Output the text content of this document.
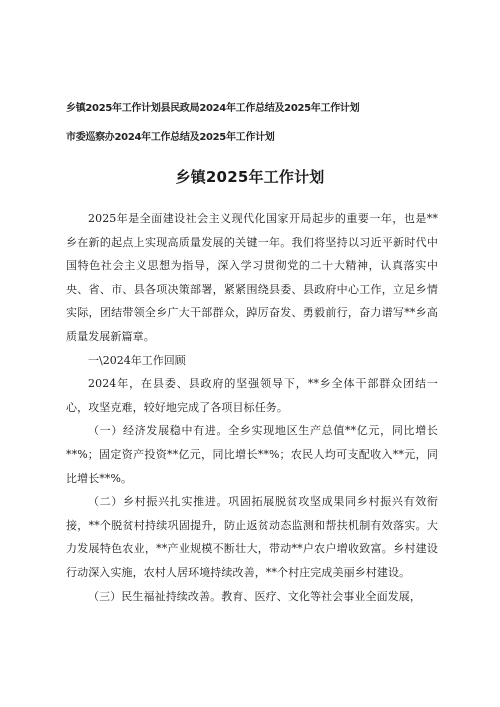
乡镇2025年工作计划县民政局2024年工作总结及2025年工作计划
市委巡察办2024年工作总结及2025年工作计划
乡镇2025年工作计划

2025年是全面建设社会主义现代化国家开局起步的重要一年，也是**乡在新的起点上实现高质量发展的关键一年。我们将坚持以习近平新时代中国特色社会主义思想为指导，深入学习贯彻党的二十大精神，认真落实中央、省、市、县各项决策部署，紧紧围绕县委、县政府中心工作，立足乡情实际，团结带领全乡广大干部群众，踔厉奋发、勇毅前行，奋力谱写**乡高质量发展新篇章。

一\2024年工作回顾

2024年，在县委、县政府的坚强领导下，**乡全体干部群众团结一心，攻坚克难，较好地完成了各项目标任务。

（一）经济发展稳中有进。全乡实现地区生产总值**亿元，同比增长**%；固定资产投资**亿元，同比增长**%；农民人均可支配收入**元，同比增长**%。

（二）乡村振兴扎实推进。巩固拓展脱贫攻坚成果同乡村振兴有效衔接，**个脱贫村持续巩固提升，防止返贫动态监测和帮扶机制有效落实。大力发展特色农业，**产业规模不断壮大，带动**户农户增收致富。乡村建设行动深入实施，农村人居环境持续改善，**个村庄完成美丽乡村建设。

（三）民生福祉持续改善。教育、医疗、文化等社会事业全面发展，
